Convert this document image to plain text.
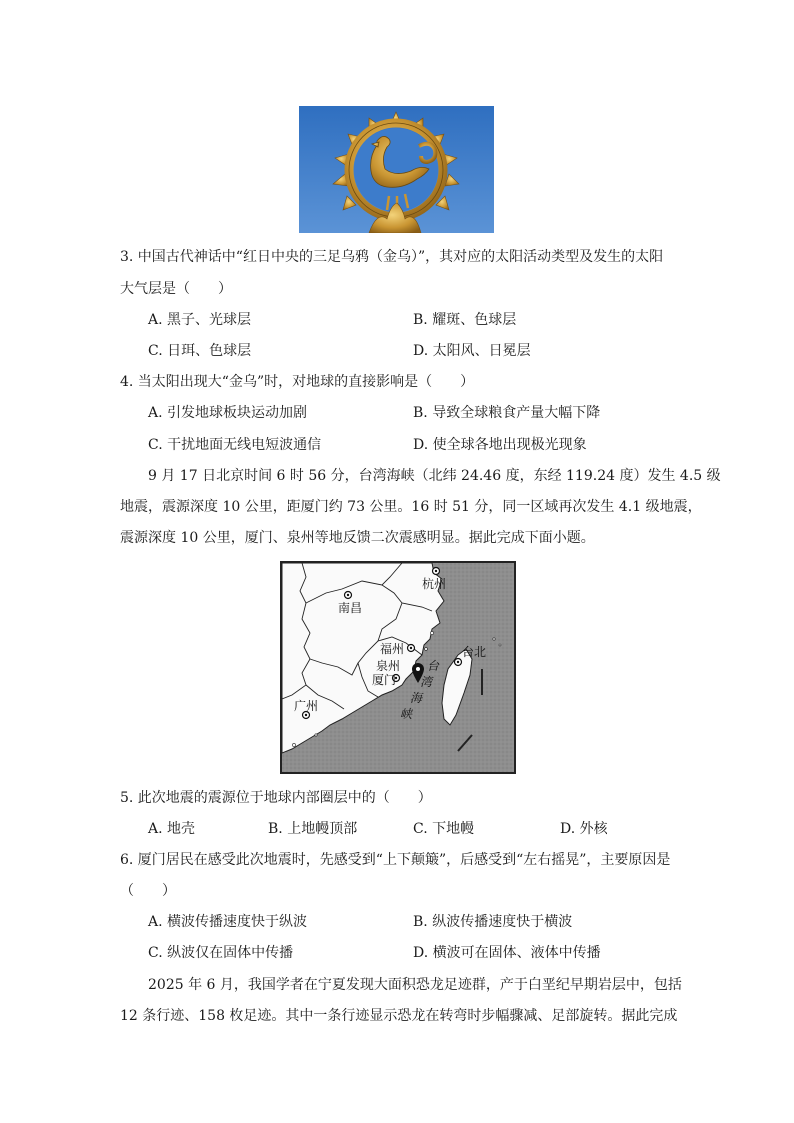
3. 中国古代神话中“红日中央的三足乌鸦（金乌）”，其对应的太阳活动类型及发生的太阳
大气层是（　　）
A. 黑子、光球层	B. 耀斑、色球层
C. 日珥、色球层	D. 太阳风、日冕层
4. 当太阳出现大“金乌”时，对地球的直接影响是（　　）
A. 引发地球板块运动加剧	B. 导致全球粮食产量大幅下降
C. 干扰地面无线电短波通信	D. 使全球各地出现极光现象
9 月 17 日北京时间 6 时 56 分，台湾海峡（北纬 24.46 度，东经 119.24 度）发生 4.5 级
地震，震源深度 10 公里，距厦门约 73 公里。16 时 51 分，同一区域再次发生 4.1 级地震，
震源深度 10 公里，厦门、泉州等地反馈二次震感明显。据此完成下面小题。
杭州
南昌
福州
泉州
厦门
广州
台北
台
湾
海
峡
5. 此次地震的震源位于地球内部圈层中的（　　）
A. 地壳	B. 上地幔顶部	C. 下地幔	D. 外核
6. 厦门居民在感受此次地震时，先感受到“上下颠簸”，后感受到“左右摇晃”，主要原因是
（　　）
A. 横波传播速度快于纵波	B. 纵波传播速度快于横波
C. 纵波仅在固体中传播	D. 横波可在固体、液体中传播
2025 年 6 月，我国学者在宁夏发现大面积恐龙足迹群，产于白垩纪早期岩层中，包括
12 条行迹、158 枚足迹。其中一条行迹显示恐龙在转弯时步幅骤减、足部旋转。据此完成
